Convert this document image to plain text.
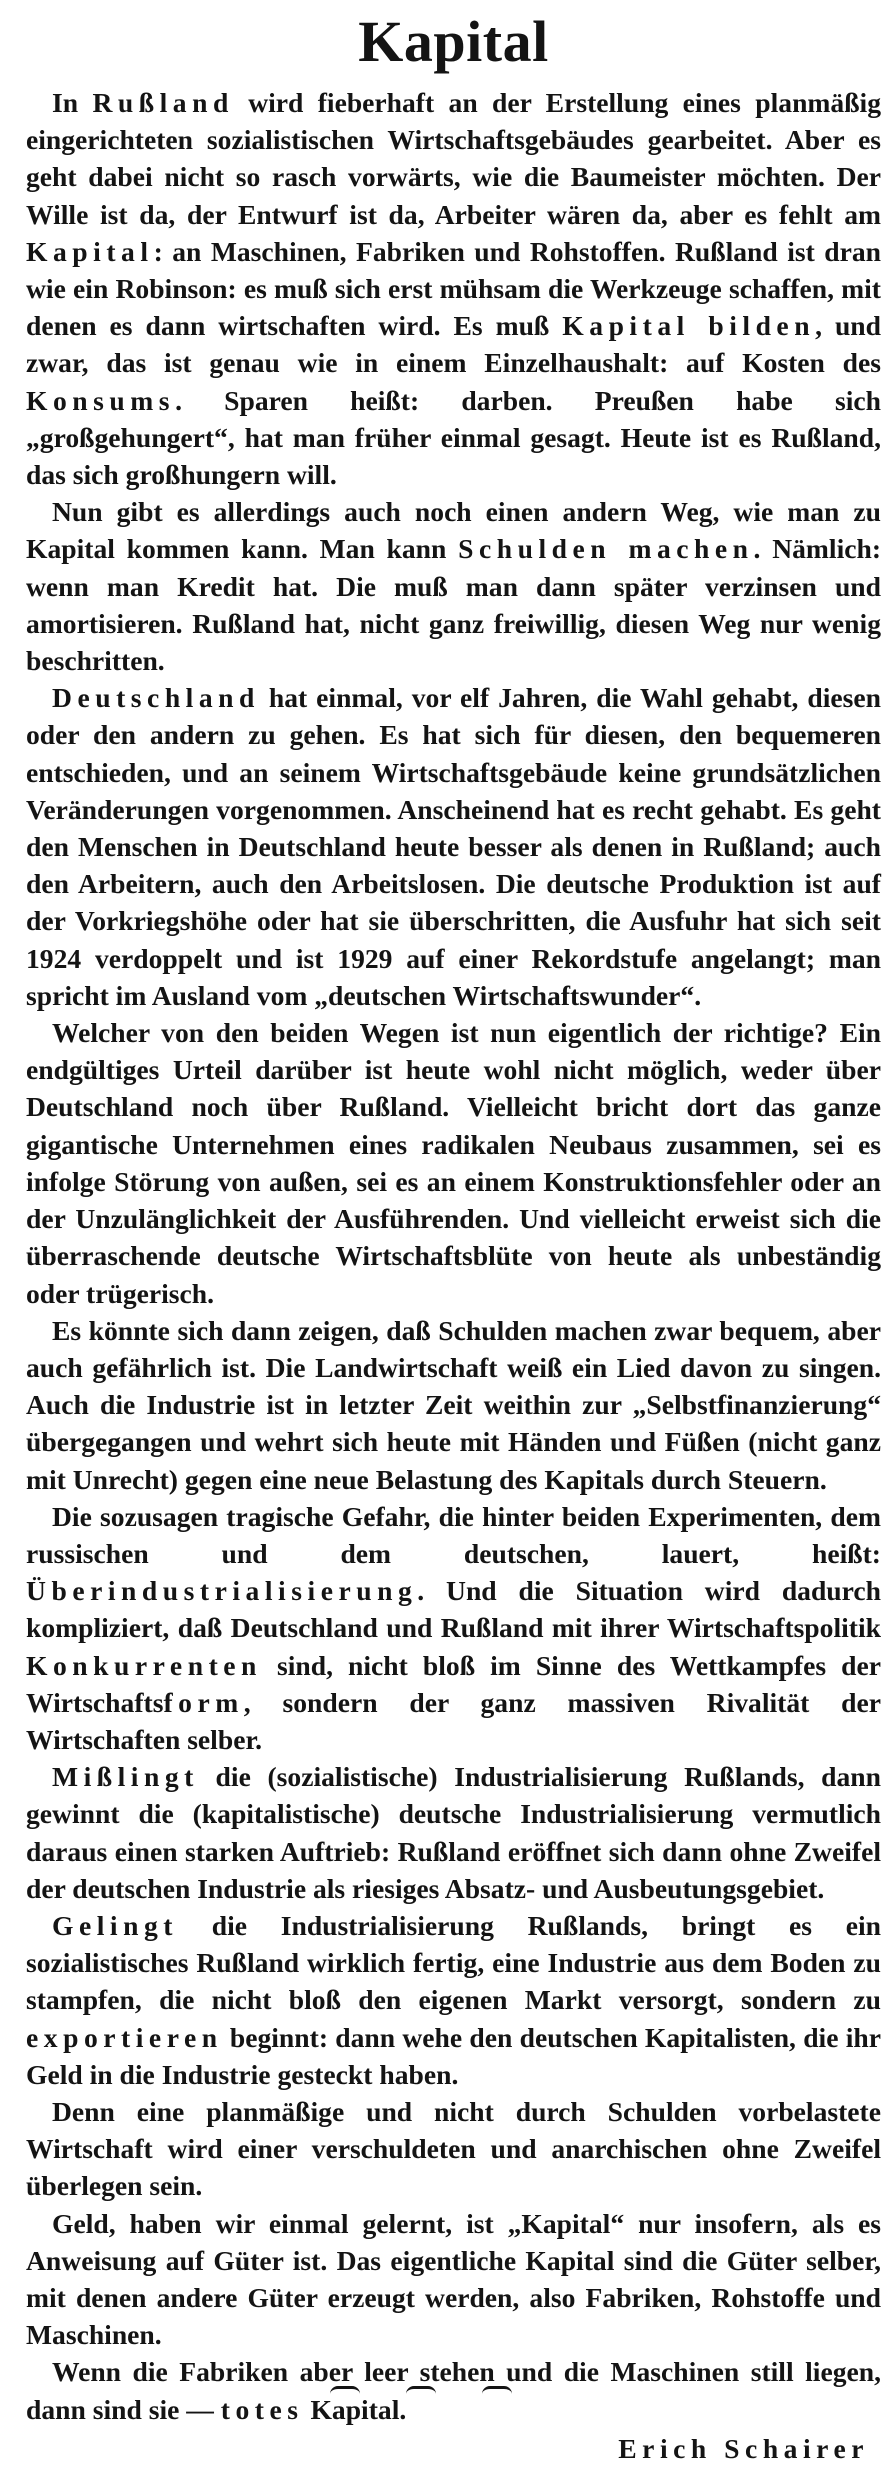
Kapital

In Rußland wird fieberhaft an der Erstellung eines planmäßig eingerichteten sozialistischen Wirtschaftsgebäudes gearbeitet. Aber es geht dabei nicht so rasch vorwärts, wie die Baumeister möchten. Der Wille ist da, der Entwurf ist da, Arbeiter wären da, aber es fehlt am Kapital: an Maschinen, Fabriken und Rohstoffen. Rußland ist dran wie ein Robinson: es muß sich erst mühsam die Werkzeuge schaffen, mit denen es dann wirtschaften wird. Es muß Kapital bilden, und zwar, das ist genau wie in einem Einzelhaushalt: auf Kosten des Konsums. Sparen heißt: darben. Preußen habe sich „großgehungert“, hat man früher einmal gesagt. Heute ist es Rußland, das sich großhungern will.

Nun gibt es allerdings auch noch einen andern Weg, wie man zu Kapital kommen kann. Man kann Schulden machen. Nämlich: wenn man Kredit hat. Die muß man dann später verzinsen und amortisieren. Rußland hat, nicht ganz freiwillig, diesen Weg nur wenig beschritten.

Deutschland hat einmal, vor elf Jahren, die Wahl gehabt, diesen oder den andern zu gehen. Es hat sich für diesen, den bequemeren entschieden, und an seinem Wirtschaftsgebäude keine grundsätzlichen Veränderungen vorgenommen. Anscheinend hat es recht gehabt. Es geht den Menschen in Deutschland heute besser als denen in Rußland; auch den Arbeitern, auch den Arbeitslosen. Die deutsche Produktion ist auf der Vorkriegshöhe oder hat sie überschritten, die Ausfuhr hat sich seit 1924 verdoppelt und ist 1929 auf einer Rekordstufe angelangt; man spricht im Ausland vom „deutschen Wirtschaftswunder“.

Welcher von den beiden Wegen ist nun eigentlich der richtige? Ein endgültiges Urteil darüber ist heute wohl nicht möglich, weder über Deutschland noch über Rußland. Vielleicht bricht dort das ganze gigantische Unternehmen eines radikalen Neubaus zusammen, sei es infolge Störung von außen, sei es an einem Konstruktionsfehler oder an der Unzulänglichkeit der Ausführenden. Und vielleicht erweist sich die überraschende deutsche Wirtschaftsblüte von heute als unbeständig oder trügerisch.

Es könnte sich dann zeigen, daß Schulden machen zwar bequem, aber auch gefährlich ist. Die Landwirtschaft weiß ein Lied davon zu singen. Auch die Industrie ist in letzter Zeit weithin zur „Selbstfinanzierung“ übergegangen und wehrt sich heute mit Händen und Füßen (nicht ganz mit Unrecht) gegen eine neue Belastung des Kapitals durch Steuern.

Die sozusagen tragische Gefahr, die hinter beiden Experimenten, dem russischen und dem deutschen, lauert, heißt: Überindustrialisierung. Und die Situation wird dadurch kompliziert, daß Deutschland und Rußland mit ihrer Wirtschaftspolitik Konkurrenten sind, nicht bloß im Sinne des Wettkampfes der Wirtschaftsform, sondern der ganz massiven Rivalität der Wirtschaften selber.

Mißlingt die (sozialistische) Industrialisierung Rußlands, dann gewinnt die (kapitalistische) deutsche Industrialisierung vermutlich daraus einen starken Auftrieb: Rußland eröffnet sich dann ohne Zweifel der deutschen Industrie als riesiges Absatz- und Ausbeutungsgebiet.

Gelingt die Industrialisierung Rußlands, bringt es ein sozialistisches Rußland wirklich fertig, eine Industrie aus dem Boden zu stampfen, die nicht bloß den eigenen Markt versorgt, sondern zu exportieren beginnt: dann wehe den deutschen Kapitalisten, die ihr Geld in die Industrie gesteckt haben.

Denn eine planmäßige und nicht durch Schulden vorbelastete Wirtschaft wird einer verschuldeten und anarchischen ohne Zweifel überlegen sein.

Geld, haben wir einmal gelernt, ist „Kapital“ nur insofern, als es Anweisung auf Güter ist. Das eigentliche Kapital sind die Güter selber, mit denen andere Güter erzeugt werden, also Fabriken, Rohstoffe und Maschinen.

Wenn die Fabriken aber leer stehen und die Maschinen still liegen, dann sind sie — totes Kapital.

Erich Schairer
